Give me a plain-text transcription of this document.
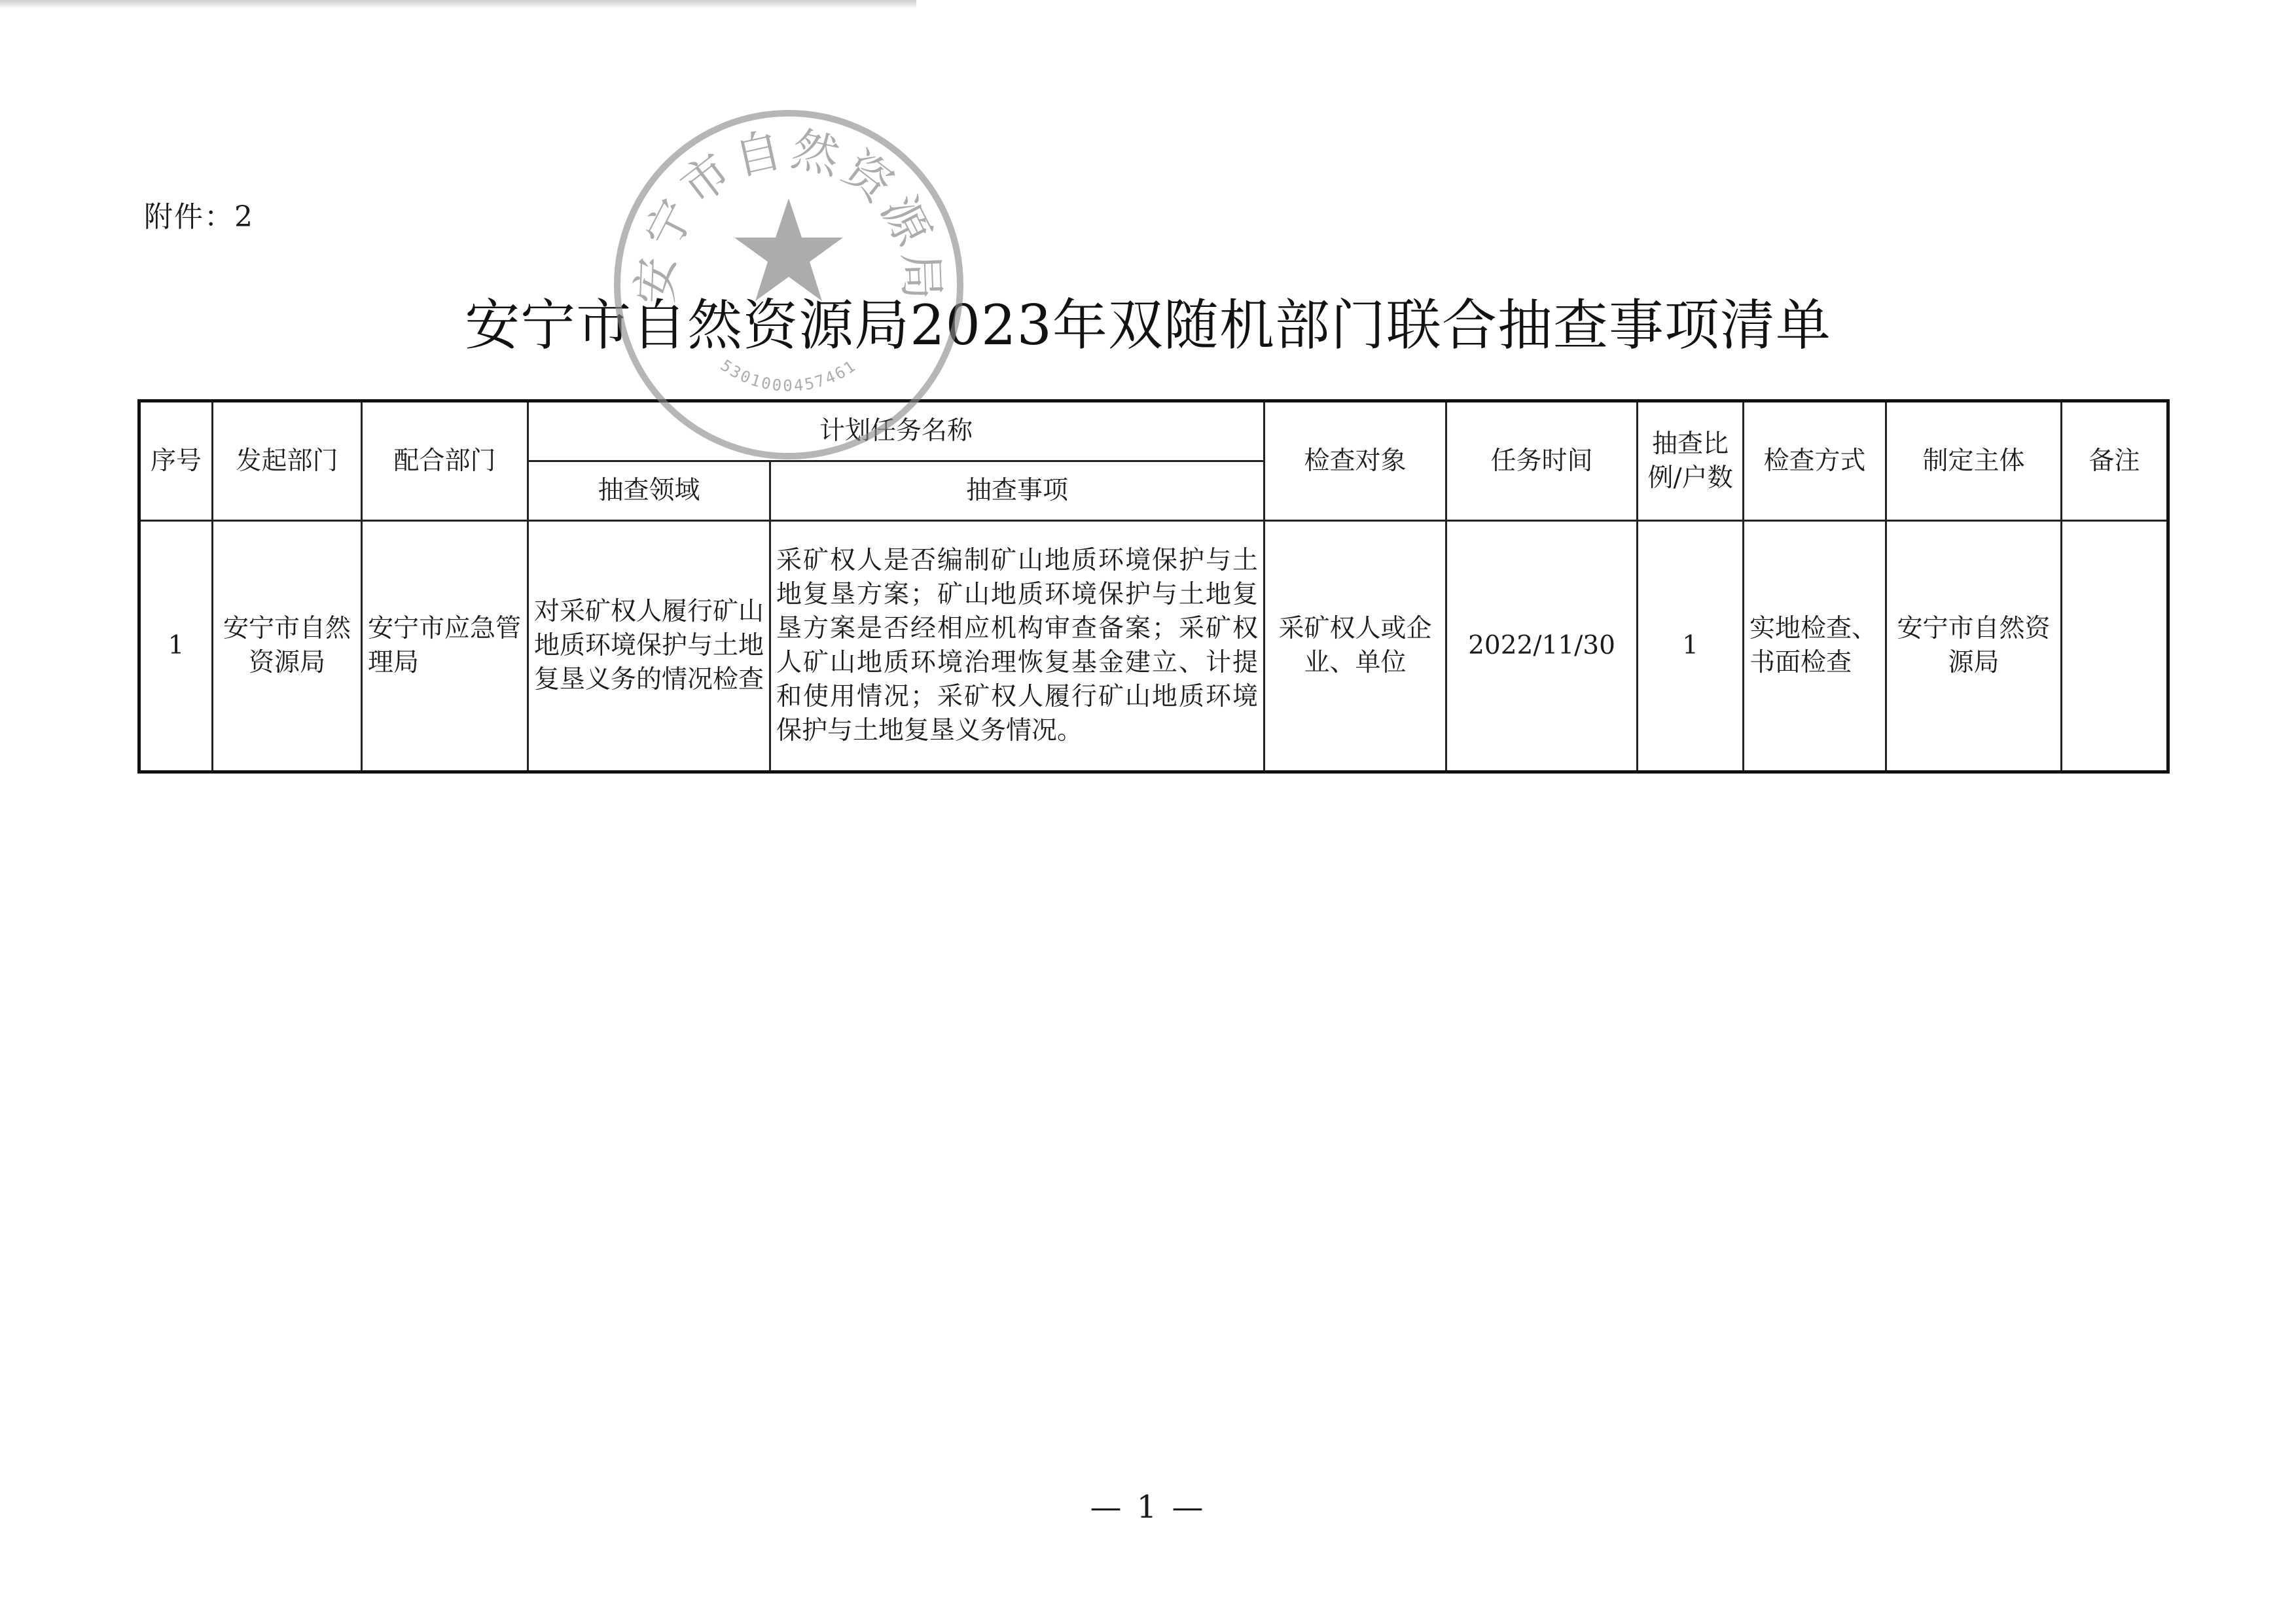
附件：2
安宁市自然资源局2023年双随机部门联合抽查事项清单
序号	发起部门	配合部门	计划任务名称		检查对象	任务时间	抽查比例/户数	检查方式	制定主体	备注
			抽查领域	抽查事项						
1	安宁市自然资源局	安宁市应急管理局	对采矿权人履行矿山地质环境保护与土地复垦义务的情况检查	采矿权人是否编制矿山地质环境保护与土地复垦方案；矿山地质环境保护与土地复垦方案是否经相应机构审查备案；采矿权人矿山地质环境治理恢复基金建立、计提和使用情况；采矿权人履行矿山地质环境保护与土地复垦义务情况。	采矿权人或企业、单位	2022/11/30	1	实地检查、书面检查	安宁市自然资源局	
安宁市自然资源局
5301000457461
— 1 —
